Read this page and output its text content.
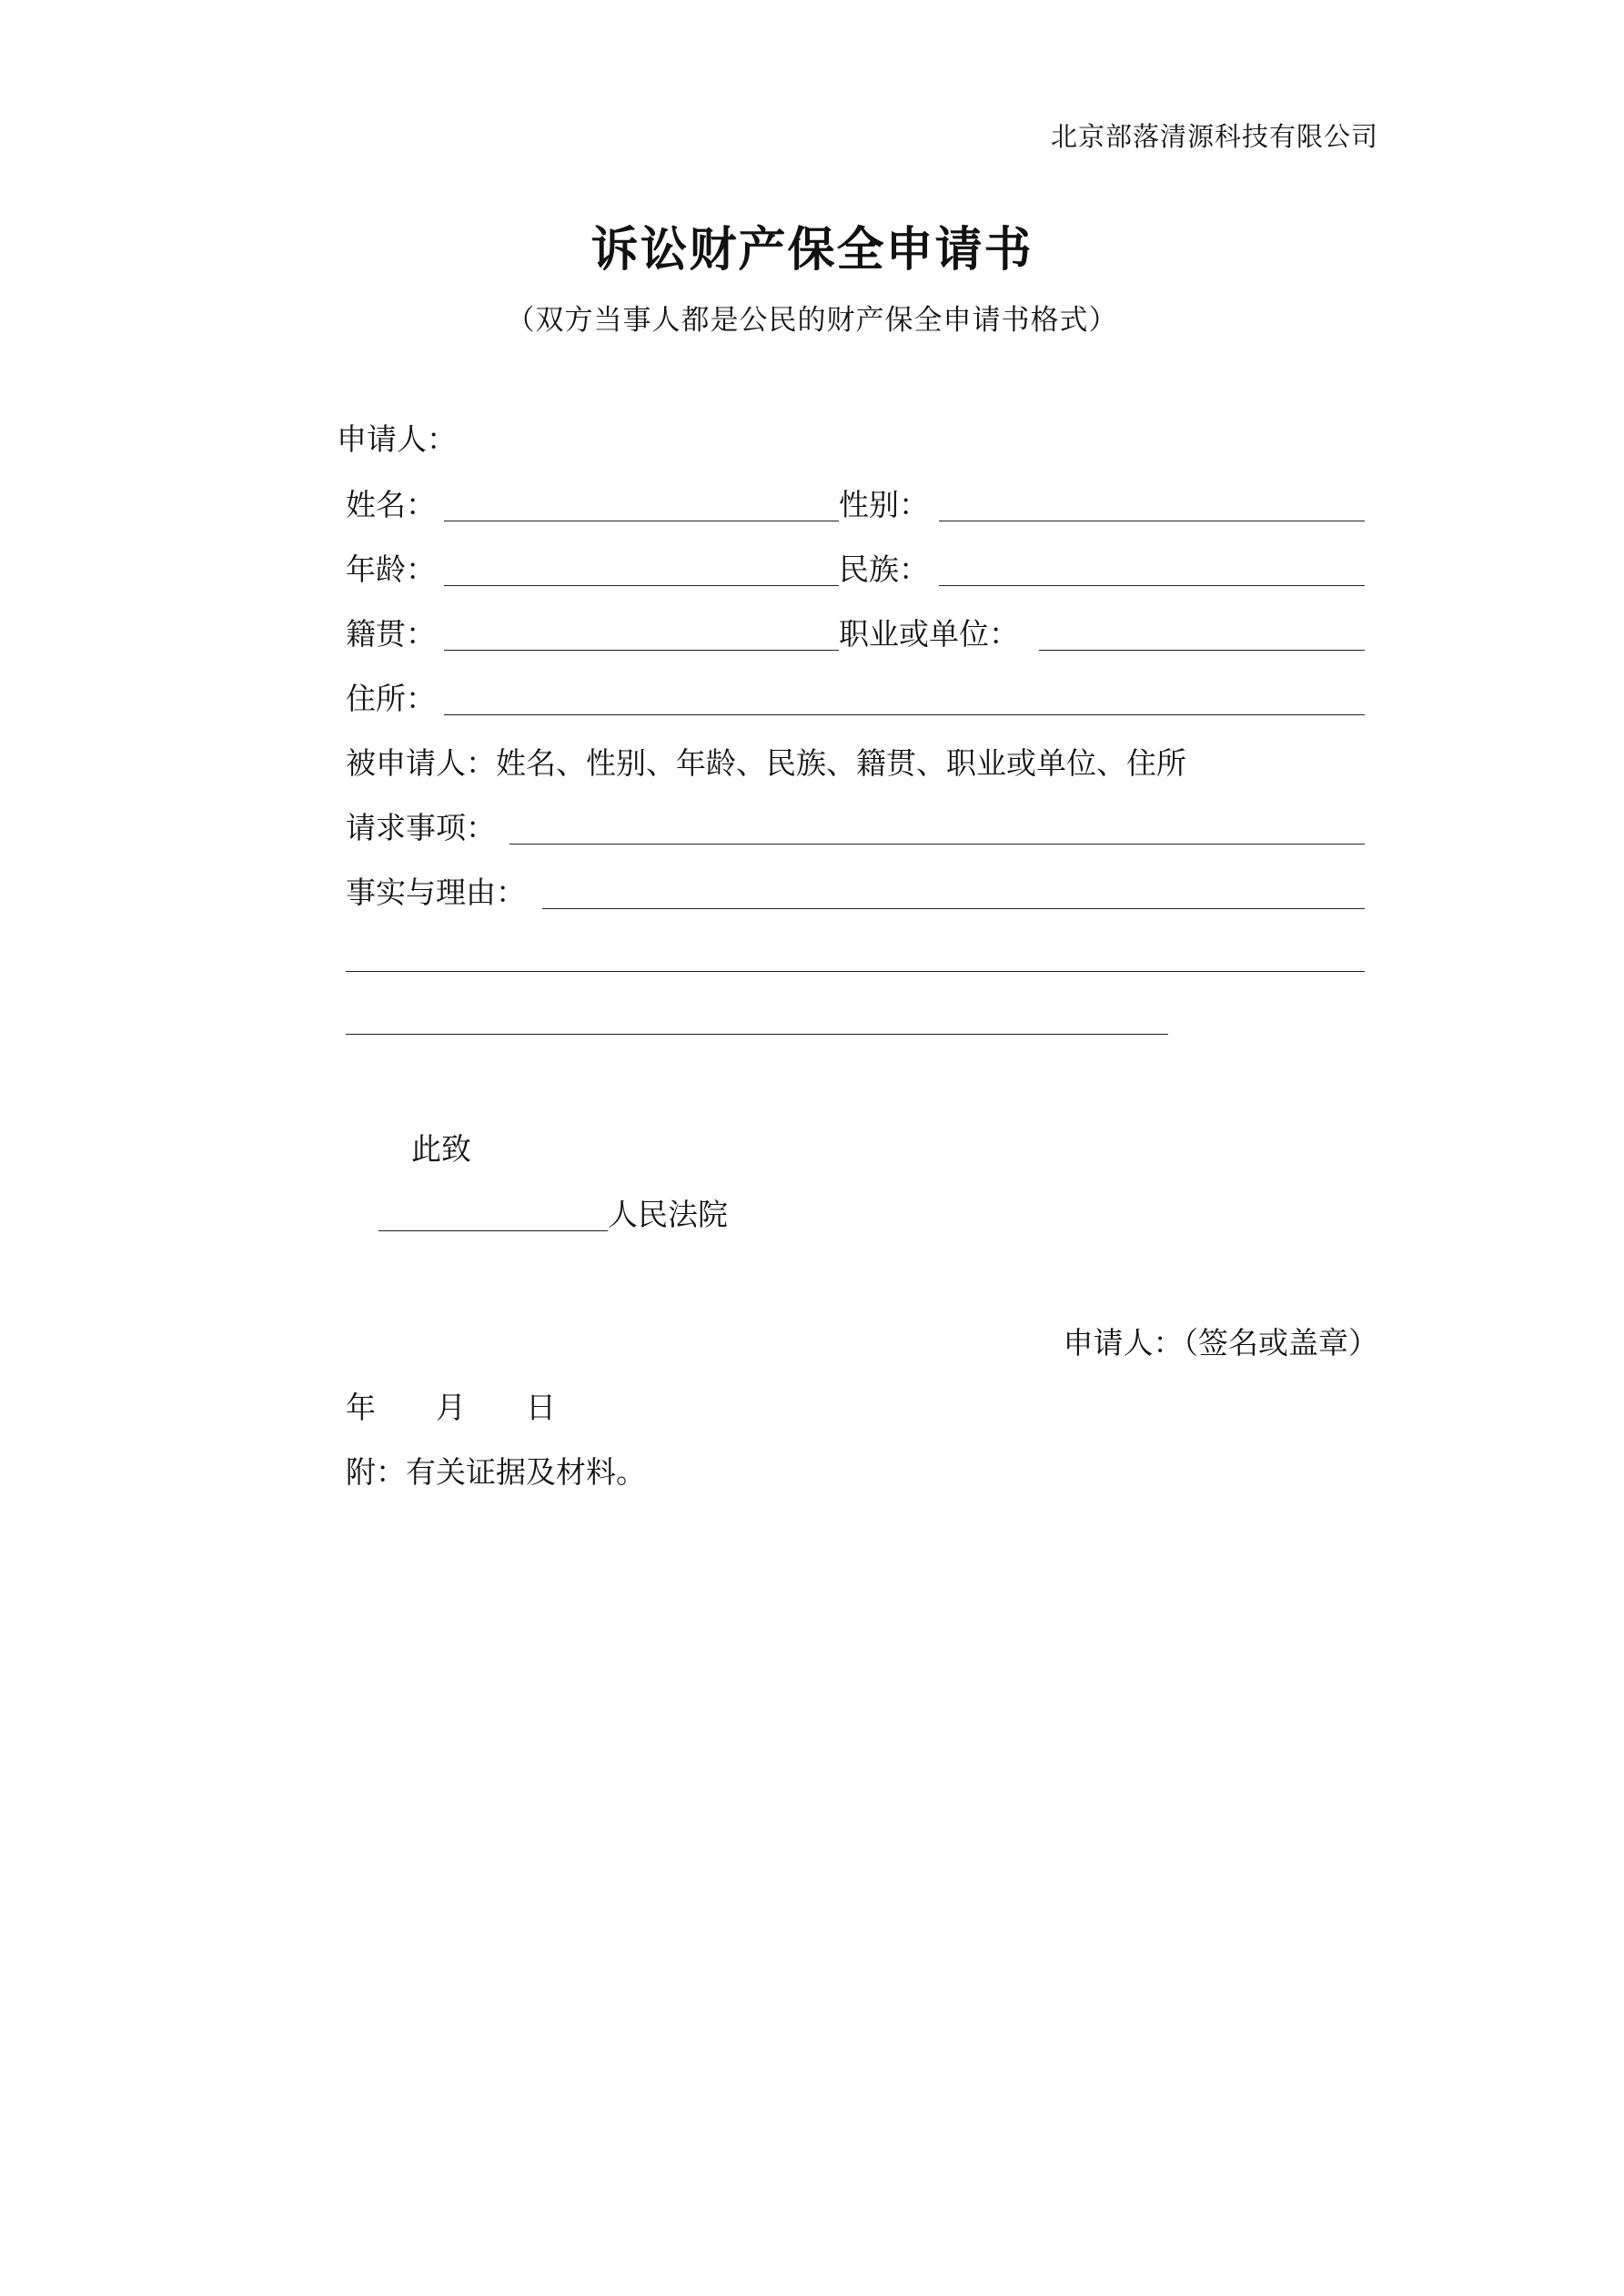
北京部落清源科技有限公司
诉讼财产保全申请书
（双方当事人都是公民的财产保全申请书格式）
申请人：
姓名：	性别：
年龄：	民族：
籍贯：	职业或单位：
住所：
被申请人：姓名、性别、年龄、民族、籍贯、职业或单位、住所
请求事项：
事实与理由：
此致
人民法院
申请人：（签名或盖章）
年　　月　　日
附：有关证据及材料。
